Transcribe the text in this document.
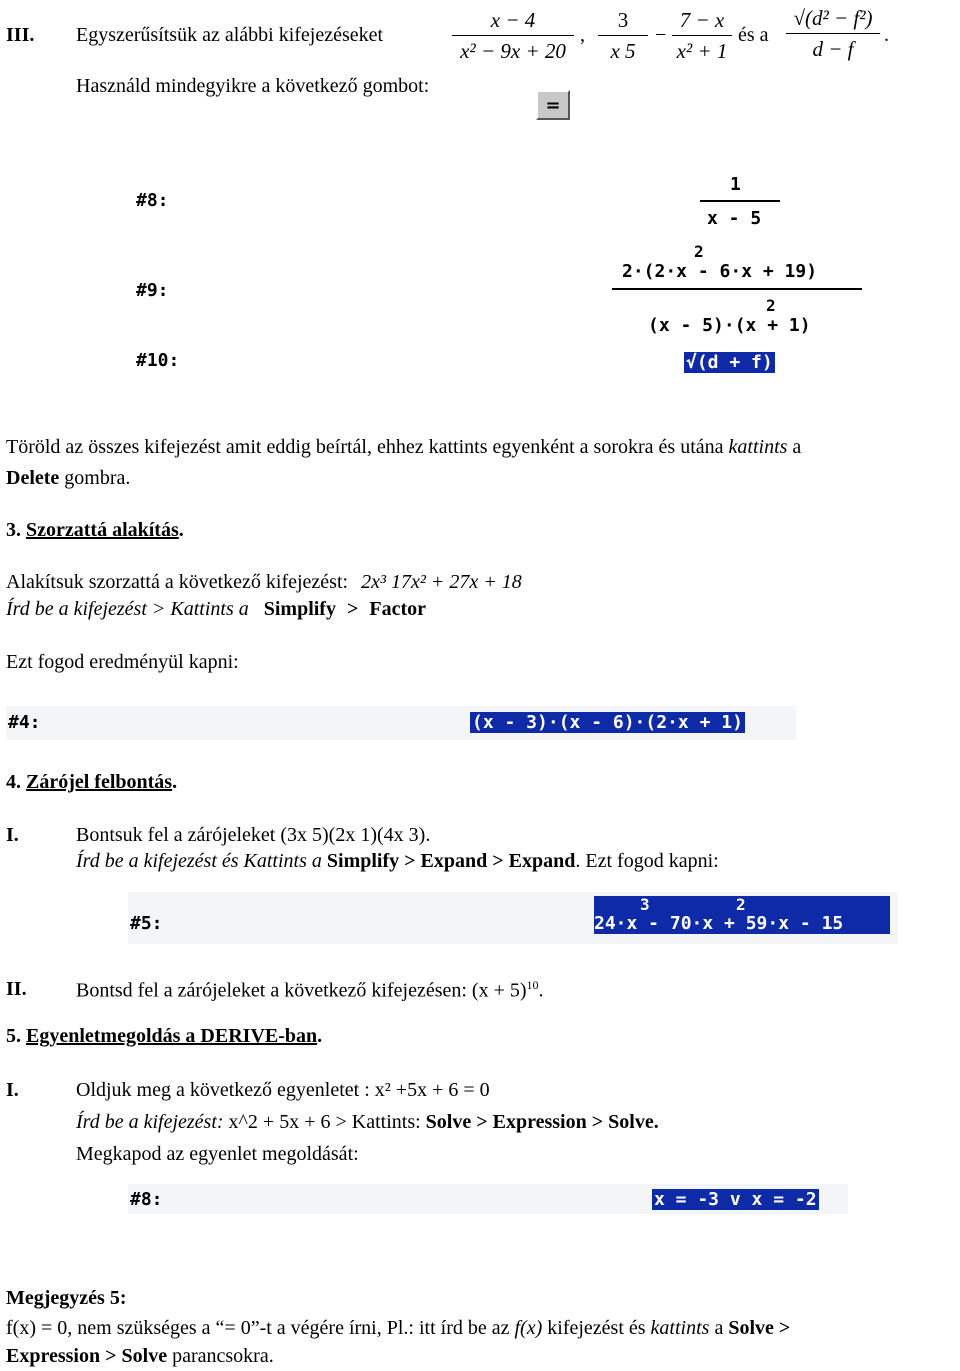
III. Egyszerűsítsük az alábbi kifejezéseket
x − 4
x² − 9x + 20
,
3
x 5
−
7 − x
x² + 1
és a
√(d² − f²)
d − f
.
Használd mindegyikre a következő gombot:
=
#8:
#9:
#10:
1
x - 5
2
2·(2·x - 6·x + 19)
2
(x - 5)·(x + 1)
√(d + f)
Töröld az összes kifejezést amit eddig beírtál, ehhez kattints egyenként a sorokra és utána kattints a
Delete gombra.
3. Szorzattá alakítás.
Alakítsuk szorzattá a következő kifejezést: 2x³ 17x² + 27x + 18
Írd be a kifejezést > Kattints a Simplify > Factor
Ezt fogod eredményül kapni:
#4:	(x - 3)·(x - 6)·(2·x + 1)
4. Zárójel felbontás.
I.	Bontsuk fel a zárójeleket (3x 5)(2x 1)(4x 3).
Írd be a kifejezést és Kattints a Simplify > Expand > Expand. Ezt fogod kapni:
#5:
3	2
24·x - 70·x + 59·x - 15
II. Bontsd fel a zárójeleket a következő kifejezésen: $(x + 5)^{10}$.
5. Egyenletmegoldás a DERIVE-ban.
I.	Oldjuk meg a következő egyenletet : x² +5x + 6 = 0
Írd be a kifejezést: x^2 + 5x + 6 > Kattints: Solve > Expression > Solve.
Megkapod az egyenlet megoldását:
#8:	x = -3 v x = -2
Megjegyzés 5:
f(x) = 0, nem szükséges a “= 0”-t a végére írni, Pl.: itt írd be az f(x) kifejezést és kattints a Solve >
Expression > Solve parancsokra.
